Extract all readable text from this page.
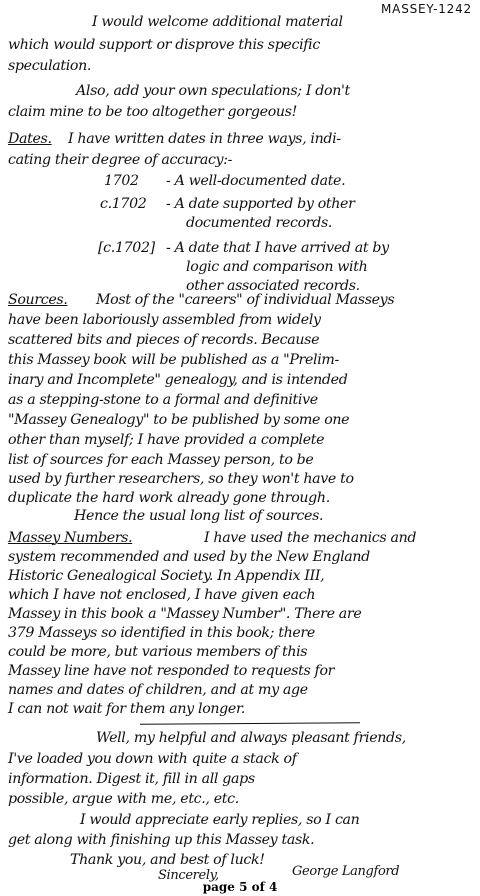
MASSEY-1242
I would welcome additional material
which would support or disprove this specific
speculation.
Also, add your own speculations; I don't
claim mine to be too altogether gorgeous!
Dates. I have written dates in three ways, indi-
cating their degree of accuracy:-
1702 - A well-documented date.
c.1702 - A date supported by other
documented records.
[c.1702] - A date that I have arrived at by
logic and comparison with
other associated records.
Sources. Most of the "careers" of individual Masseys
have been laboriously assembled from widely
scattered bits and pieces of records. Because
this Massey book will be published as a "Prelim-
inary and Incomplete" genealogy, and is intended
as a stepping-stone to a formal and definitive
"Massey Genealogy" to be published by some one
other than myself; I have provided a complete
list of sources for each Massey person, to be
used by further researchers, so they won't have to
duplicate the hard work already gone through.
Hence the usual long list of sources.
Massey Numbers.	I have used the mechanics and
system recommended and used by the New England
Historic Genealogical Society. In Appendix III,
which I have not enclosed, I have given each
Massey in this book a "Massey Number". There are
379 Masseys so identified in this book; there
could be more, but various members of this
Massey line have not responded to requests for
names and dates of children, and at my age
I can not wait for them any longer.
Well, my helpful and always pleasant friends,
I've loaded you down with quite a stack of
information. Digest it, fill in all gaps
possible, argue with me, etc., etc.
I would appreciate early replies, so I can
get along with finishing up this Massey task.
Thank you, and best of luck!
Sincerely,	George Langford
page 5 of 4
